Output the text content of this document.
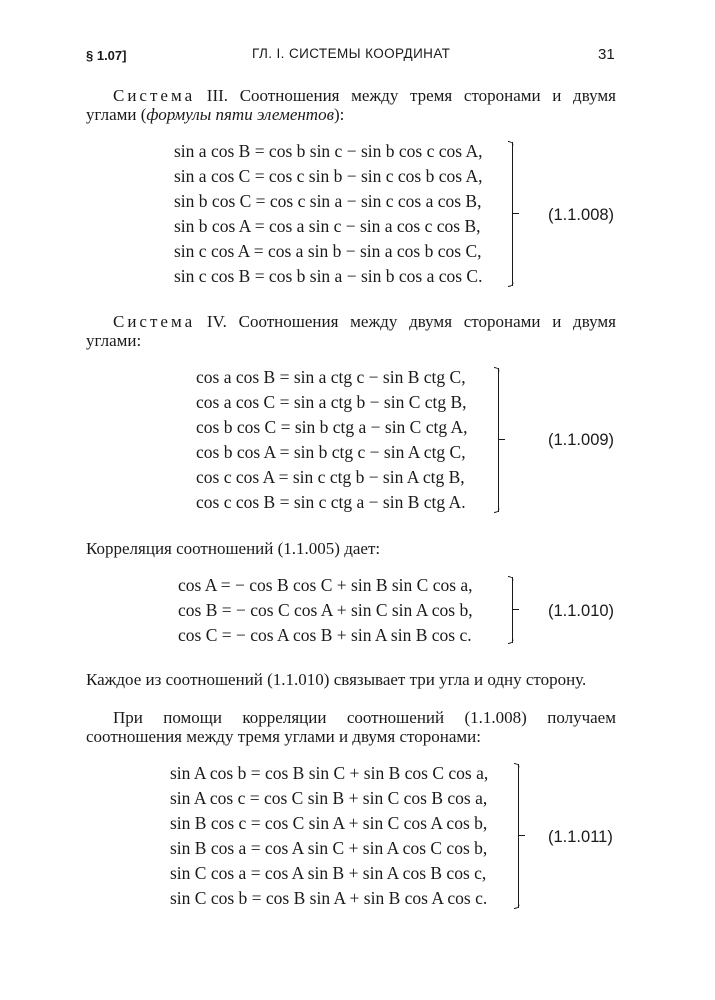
§ 1.07]	ГЛ. I. СИСТЕМЫ КООРДИНАТ	31
Система III. Соотношения между тремя сторонами и двумя углами (формулы пяти элементов):
sin a cos B = cos b sin c − sin b cos c cos A,
sin a cos C = cos c sin b − sin c cos b cos A,
sin b cos C = cos c sin a − sin c cos a cos B,
sin b cos A = cos a sin c − sin a cos c cos B,
sin c cos A = cos a sin b − sin a cos b cos C,
sin c cos B = cos b sin a − sin b cos a cos C.
(1.1.008)
Система IV. Соотношения между двумя сторонами и двумя углами:
cos a cos B = sin a ctg c − sin B ctg C,
cos a cos C = sin a ctg b − sin C ctg B,
cos b cos C = sin b ctg a − sin C ctg A,
cos b cos A = sin b ctg c − sin A ctg C,
cos c cos A = sin c ctg b − sin A ctg B,
cos c cos B = sin c ctg a − sin B ctg A.
(1.1.009)
Корреляция соотношений (1.1.005) дает:
cos A = − cos B cos C + sin B sin C cos a,
cos B = − cos C cos A + sin C sin A cos b,
cos C = − cos A cos B + sin A sin B cos c.
(1.1.010)
Каждое из соотношений (1.1.010) связывает три угла и одну сторону.
При помощи корреляции соотношений (1.1.008) получаем соотношения между тремя углами и двумя сторонами:
sin A cos b = cos B sin C + sin B cos C cos a,
sin A cos c = cos C sin B + sin C cos B cos a,
sin B cos c = cos C sin A + sin C cos A cos b,
sin B cos a = cos A sin C + sin A cos C cos b,
sin C cos a = cos A sin B + sin A cos B cos c,
sin C cos b = cos B sin A + sin B cos A cos c.
(1.1.011)
